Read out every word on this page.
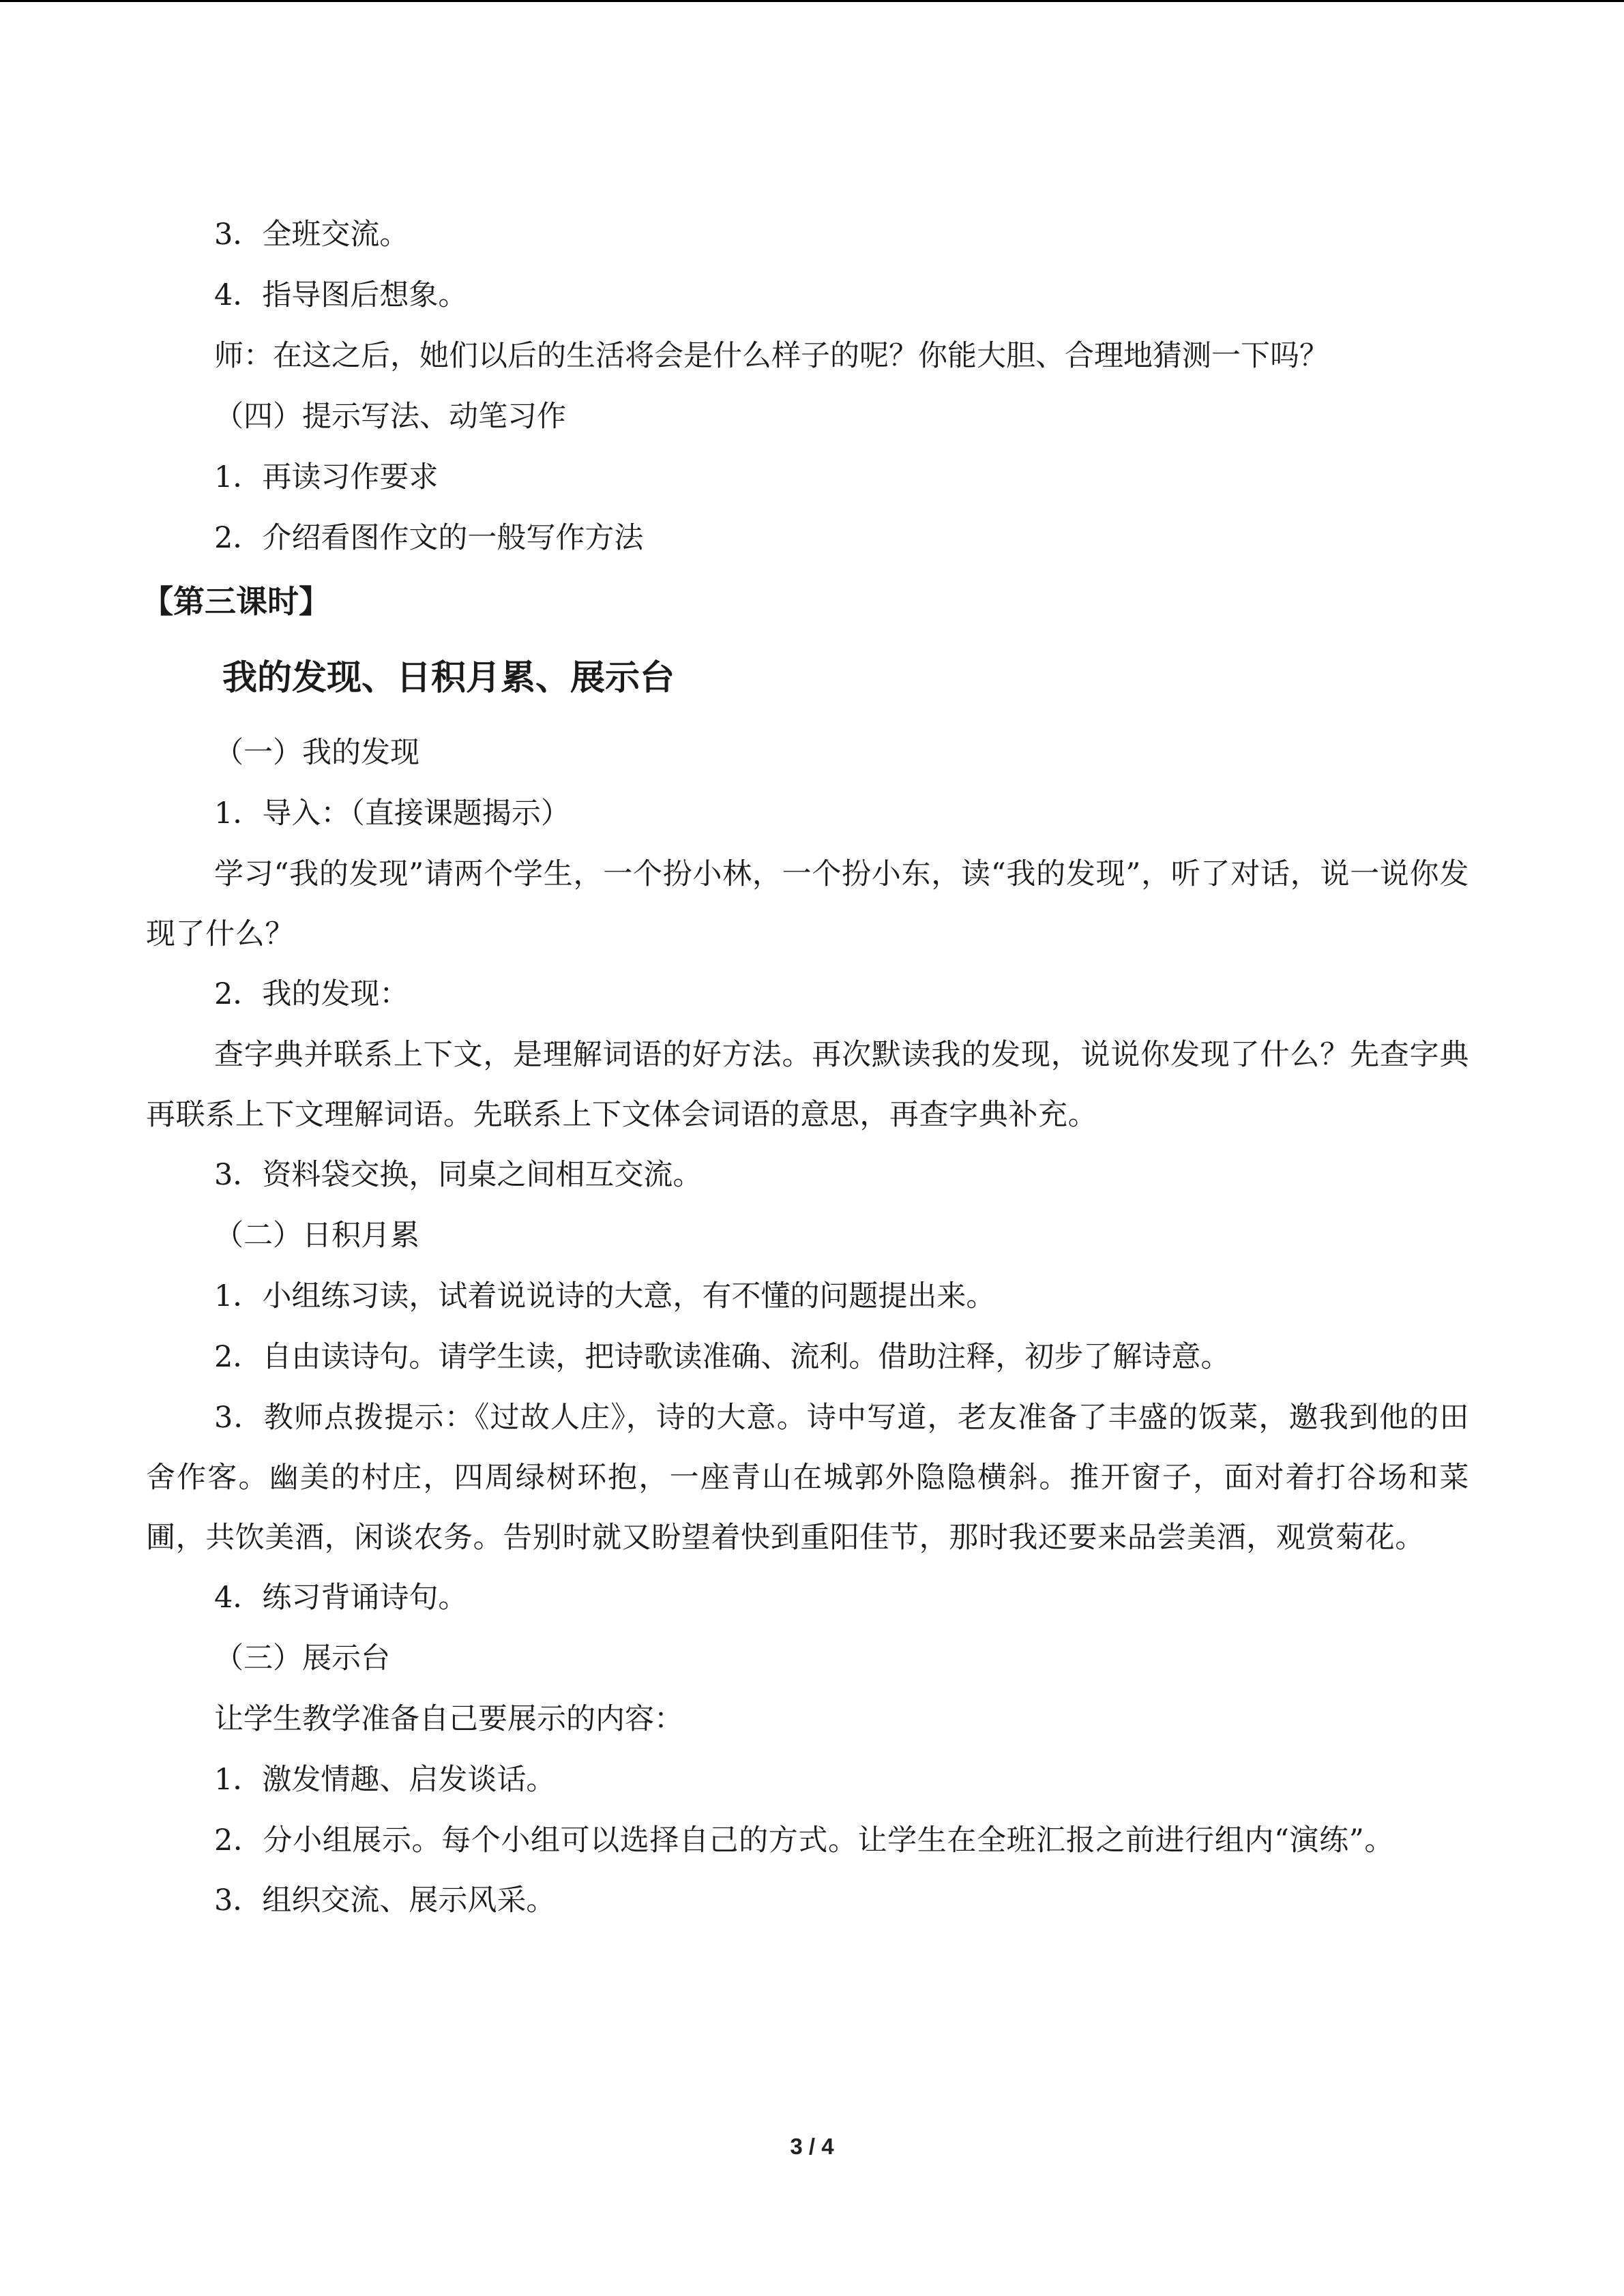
3．全班交流。

4．指导图后想象。

师：在这之后，她们以后的生活将会是什么样子的呢？你能大胆、合理地猜测一下吗？

（四）提示写法、动笔习作

1．再读习作要求

2．介绍看图作文的一般写作方法

【第三课时】

我的发现、日积月累、展示台

（一）我的发现

1．导入：（直接课题揭示）

学习“我的发现”请两个学生，一个扮小林，一个扮小东，读“我的发现”，听了对话，说一说你发现了什么？

2．我的发现：

查字典并联系上下文，是理解词语的好方法。再次默读我的发现，说说你发现了什么？先查字典再联系上下文理解词语。先联系上下文体会词语的意思，再查字典补充。

3．资料袋交换，同桌之间相互交流。

（二）日积月累

1．小组练习读，试着说说诗的大意，有不懂的问题提出来。

2．自由读诗句。请学生读，把诗歌读准确、流利。借助注释，初步了解诗意。

3．教师点拨提示：《过故人庄》，诗的大意。诗中写道，老友准备了丰盛的饭菜，邀我到他的田舍作客。幽美的村庄，四周绿树环抱，一座青山在城郭外隐隐横斜。推开窗子，面对着打谷场和菜圃，共饮美酒，闲谈农务。告别时就又盼望着快到重阳佳节，那时我还要来品尝美酒，观赏菊花。

4．练习背诵诗句。

（三）展示台

让学生教学准备自己要展示的内容：

1．激发情趣、启发谈话。

2．分小组展示。每个小组可以选择自己的方式。让学生在全班汇报之前进行组内“演练”。

3．组织交流、展示风采。

3 / 4
